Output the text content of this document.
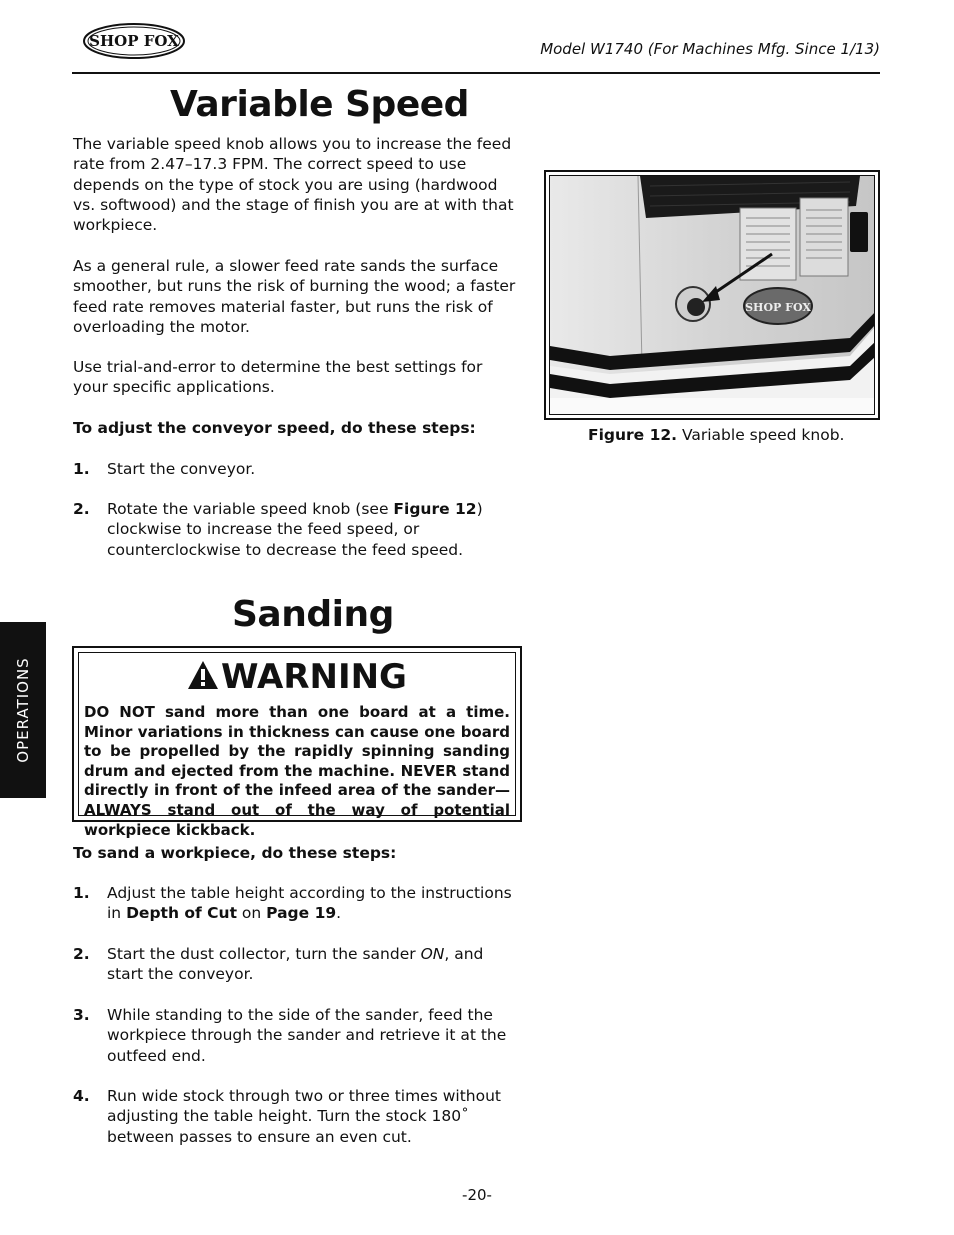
SHOP FOX	Model W1740 (For Machines Mfg. Since 1/13)
Variable Speed
The variable speed knob allows you to increase the feed rate from 2.47–17.3 FPM. The correct speed to use depends on the type of stock you are using (hardwood vs. softwood) and the stage of finish you are at with that workpiece.
As a general rule, a slower feed rate sands the surface smoother, but runs the risk of burning the wood; a faster feed rate removes material faster, but runs the risk of overloading the motor.
Use trial-and-error to determine the best settings for your specific applications.
To adjust the conveyor speed, do these steps:
1. Start the conveyor.
2. Rotate the variable speed knob (see Figure 12) clockwise to increase the feed speed, or counterclockwise to decrease the feed speed.
SHOP FOX
Figure 12. Variable speed knob.
OPERATIONS
Sanding
WARNING
DO NOT sand more than one board at a time. Minor variations in thickness can cause one board to be propelled by the rapidly spinning sanding drum and ejected from the machine. NEVER stand directly in front of the infeed area of the sander—ALWAYS stand out of the way of potential workpiece kickback.
To sand a workpiece, do these steps:
1. Adjust the table height according to the instructions in Depth of Cut on Page 19.
2. Start the dust collector, turn the sander ON, and start the conveyor.
3. While standing to the side of the sander, feed the workpiece through the sander and retrieve it at the outfeed end.
4. Run wide stock through two or three times without adjusting the table height. Turn the stock 180˚ between passes to ensure an even cut.
-20-
